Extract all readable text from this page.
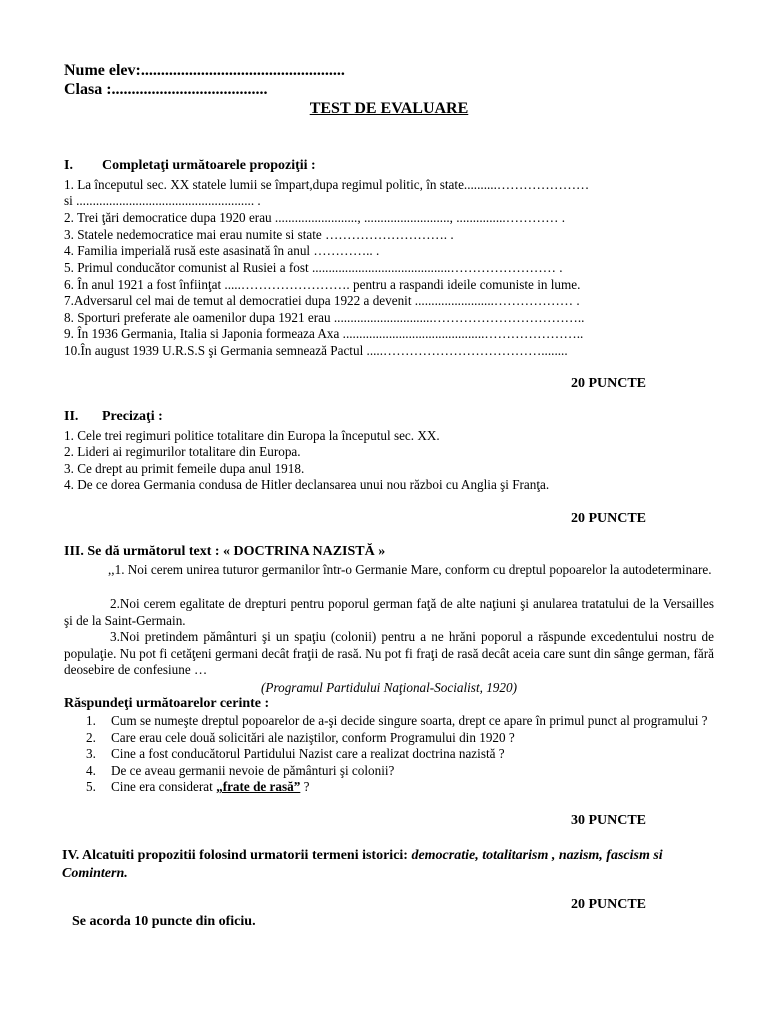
Nume elev:...................................................
Clasa :.......................................
TEST DE EVALUARE
I. Completaţi următoarele propoziţii :
1. La începutul sec. XX statele lumii se împart,dupa regimul politic, în state..........…………………
si ...................................................... .
2. Trei ţări democratice dupa 1920 erau ........................., .........................., ...............………… .
3. Statele nedemocratice mai erau numite si state ………………………. .
4. Familia imperială rusă este asasinată în anul ………….. .
5. Primul conducător comunist al Rusiei a fost ..........................................…………………… .
6. În anul 1921 a fost înfiinţat .....……………………. pentru a raspandi ideile comuniste in lume.
7.Adversarul cel mai de temut al democratiei dupa 1922 a devenit ........................……………… .
8. Sporturi preferate ale oamenilor dupa 1921 erau ..............................……………………………..
9. În 1936 Germania, Italia si Japonia formeaza Axa ...........................................…………………..
10.În august 1939 U.R.S.S şi Germania semnează Pactul .....………………………………........
20 PUNCTE
II. Precizaţi :
1. Cele trei regimuri politice totalitare din Europa la începutul sec. XX.
2. Lideri ai regimurilor totalitare din Europa.
3. Ce drept au primit femeile dupa anul 1918.
4. De ce dorea Germania condusa de Hitler declansarea unui nou război cu Anglia şi Franţa.
20 PUNCTE
III. Se dă următorul text : « DOCTRINA NAZISTĂ »
,,1. Noi cerem unirea tuturor germanilor într-o Germanie Mare, conform cu dreptul popoarelor la autodeterminare.
2.Noi cerem egalitate de drepturi pentru poporul german faţă de alte naţiuni şi anularea tratatului de la Versailles şi de la Saint-Germain.
3.Noi pretindem pământuri şi un spaţiu (colonii) pentru a ne hrăni poporul a răspunde excedentului nostru de populaţie. Nu pot fi cetăţeni germani decât fraţii de rasă. Nu pot fi fraţi de rasă decât aceia care sunt din sânge german, fără deosebire de confesiune …
(Programul Partidului Naţional-Socialist, 1920)
Răspundeţi următoarelor cerinte :
1.	Cum se numeşte dreptul popoarelor de a-şi decide singure soarta, drept ce apare în primul punct al programului ?
2.	Care erau cele două solicitări ale naziştilor, conform Programului din 1920 ?
3.	Cine a fost conducătorul Partidului Nazist care a realizat doctrina nazistă ?
4.	De ce aveau germanii nevoie de pământuri şi colonii?
5.	Cine era considerat „frate de rasă” ?
30 PUNCTE
IV. Alcatuiti propozitii folosind urmatorii termeni istorici: democratie, totalitarism , nazism, fascism si Comintern.
20 PUNCTE
Se acorda 10 puncte din oficiu.
